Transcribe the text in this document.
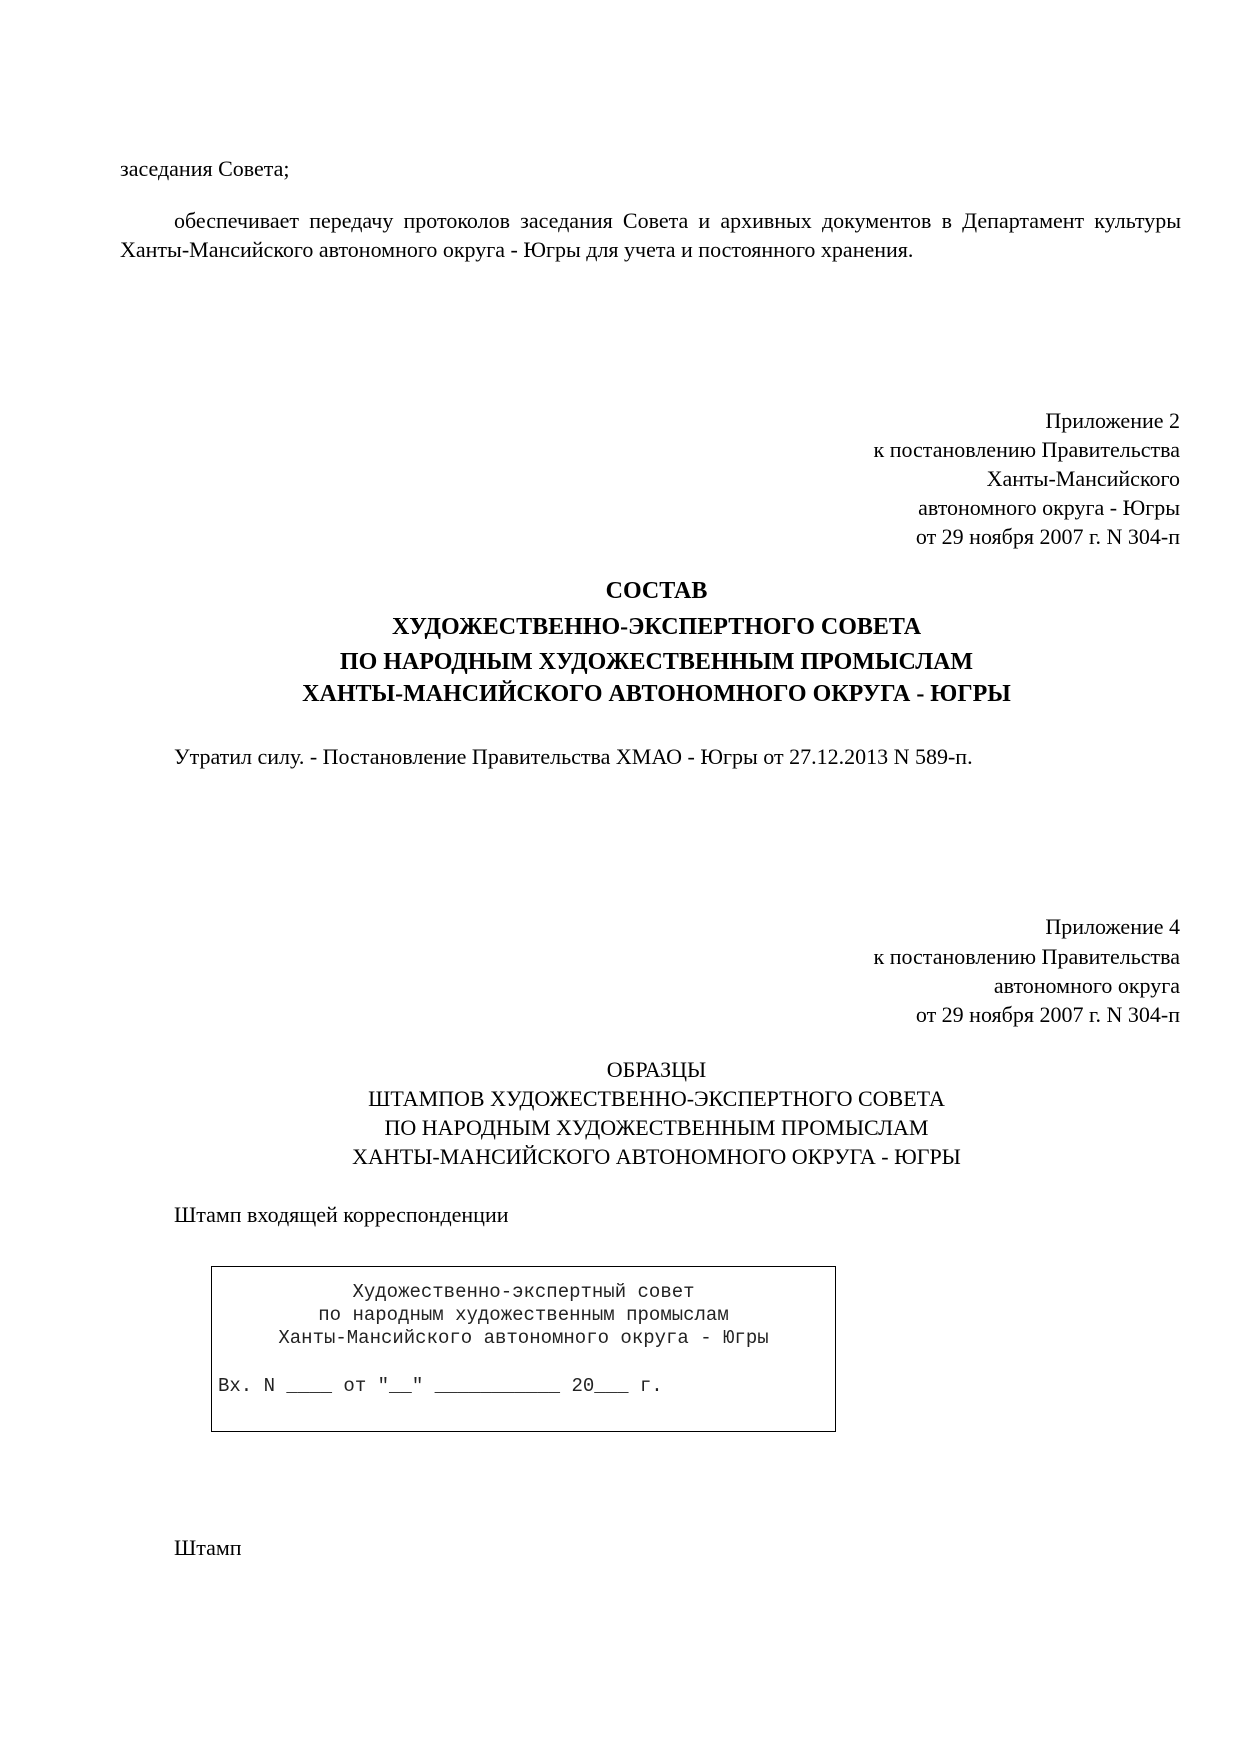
заседания Совета;
обеспечивает передачу протоколов заседания Совета и архивных документов в Департамент культуры Ханты-Мансийского автономного округа - Югры для учета и постоянного хранения.
Приложение 2
к постановлению Правительства
Ханты-Мансийского
автономного округа - Югры
от 29 ноября 2007 г. N 304-п
СОСТАВ
ХУДОЖЕСТВЕННО-ЭКСПЕРТНОГО СОВЕТА
ПО НАРОДНЫМ ХУДОЖЕСТВЕННЫМ ПРОМЫСЛАМ
ХАНТЫ-МАНСИЙСКОГО АВТОНОМНОГО ОКРУГА - ЮГРЫ
Утратил силу. - Постановление Правительства ХМАО - Югры от 27.12.2013 N 589-п.
Приложение 4
к постановлению Правительства
автономного округа
от 29 ноября 2007 г. N 304-п
ОБРАЗЦЫ
ШТАМПОВ ХУДОЖЕСТВЕННО-ЭКСПЕРТНОГО СОВЕТА
ПО НАРОДНЫМ ХУДОЖЕСТВЕННЫМ ПРОМЫСЛАМ
ХАНТЫ-МАНСИЙСКОГО АВТОНОМНОГО ОКРУГА - ЮГРЫ
Штамп входящей корреспонденции
Художественно-экспертный совет
по народным художественным промыслам
Ханты-Мансийского автономного округа - Югры
Вх. N ____ от "__" ___________ 20___ г.
Штамп
